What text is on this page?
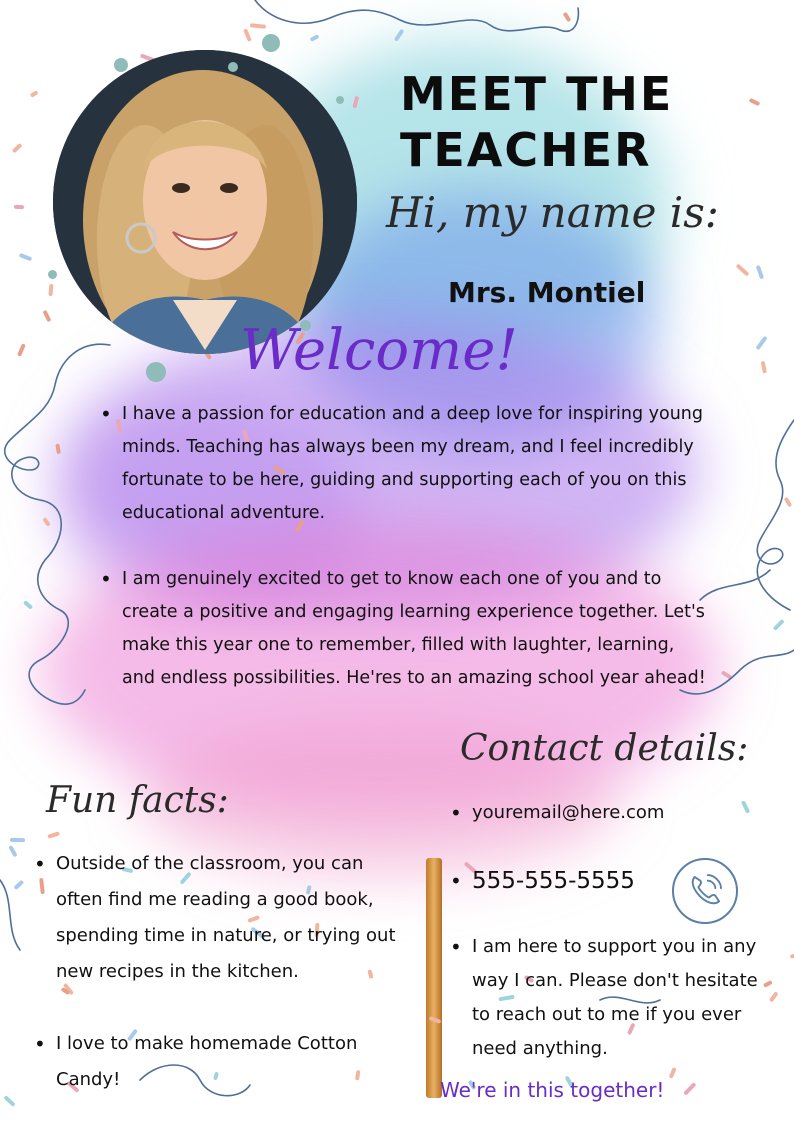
MEET THE
TEACHER
Hi, my name is:
Mrs. Montiel
Welcome!
• I have a passion for education and a deep love for inspiring young minds. Teaching has always been my dream, and I feel incredibly fortunate to be here, guiding and supporting each of you on this educational adventure.
• I am genuinely excited to get to know each one of you and to create a positive and engaging learning experience together. Let's make this year one to remember, filled with laughter, learning, and endless possibilities. He'res to an amazing school year ahead!
Fun facts:
• Outside of the classroom, you can often find me reading a good book, spending time in nature, or trying out new recipes in the kitchen.
• I love to make homemade Cotton Candy!
Contact details:
• youremail@here.com
• 555-555-5555
• I am here to support you in any way I can. Please don't hesitate to reach out to me if you ever need anything.
We're in this together!
